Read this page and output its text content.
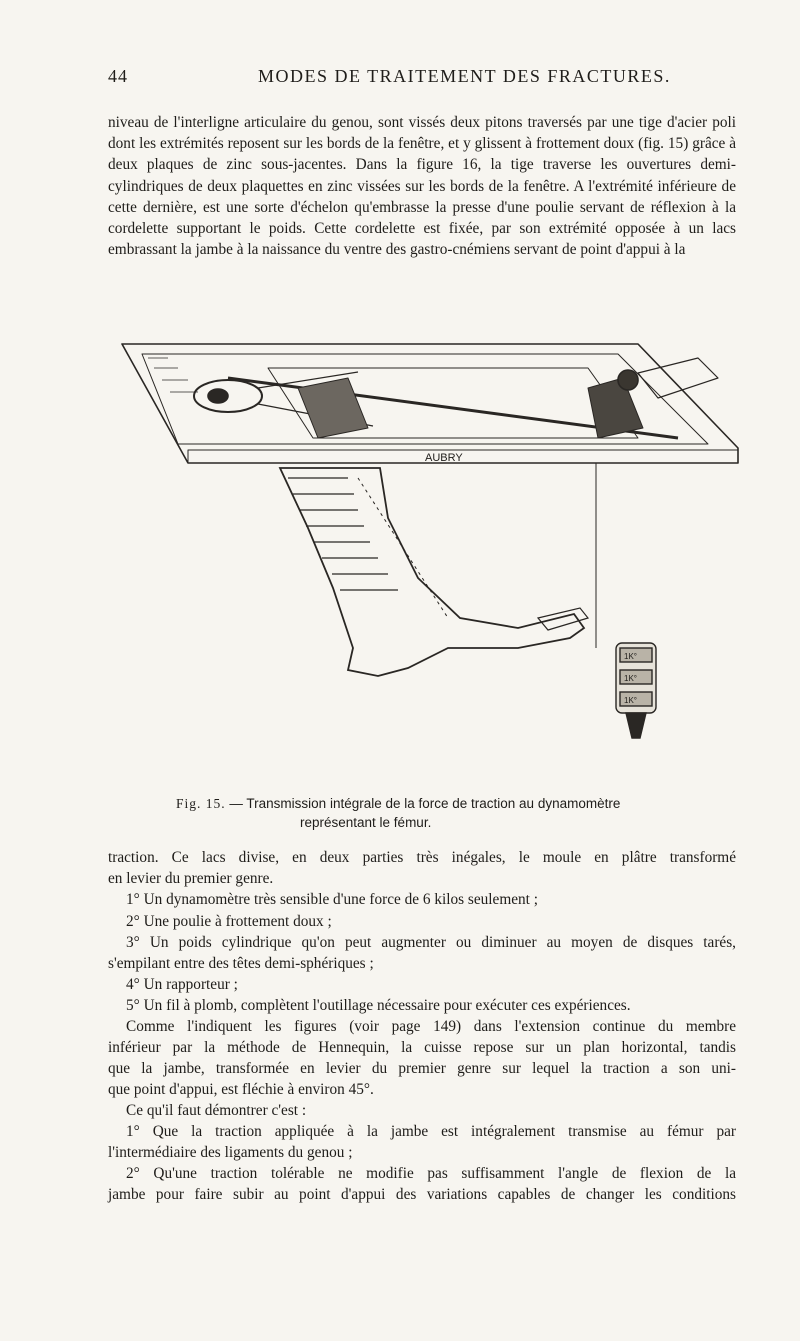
44	MODES DE TRAITEMENT DES FRACTURES.

niveau de l'interligne articulaire du genou, sont vissés deux pitons traversés par une tige d'acier poli dont les extrémités reposent sur les bords de la fenêtre, et y glissent à frottement doux (fig. 15) grâce à deux plaques de zinc sous-jacentes. Dans la figure 16, la tige traverse les ouvertures demi-cylindriques de deux plaquettes en zinc vissées sur les bords de la fenêtre. A l'extrémité inférieure de cette dernière, est une sorte d'échelon qu'embrasse la presse d'une poulie servant de réflexion à la cordelette supportant le poids. Cette cordelette est fixée, par son extrémité opposée à un lacs embrassant la jambe à la naissance du ventre des gastro-cnémiens servant de point d'appui à la

AUBRY
1K°
1K°
1K°
Fig. 15. — Transmission intégrale de la force de traction au dynamomètre
représentant le fémur.

traction. Ce lacs divise, en deux parties très inégales, le moule en plâtre transformé

en levier du premier genre.

1° Un dynamomètre très sensible d'une force de 6 kilos seulement ;

2° Une poulie à frottement doux ;

3° Un poids cylindrique qu'on peut augmenter ou diminuer au moyen de disques tarés,

s'empilant entre des têtes demi-sphériques ;

4° Un rapporteur ;

5° Un fil à plomb, complètent l'outillage nécessaire pour exécuter ces expériences.

Comme l'indiquent les figures (voir page 149) dans l'extension continue du membre

inférieur par la méthode de Hennequin, la cuisse repose sur un plan horizontal, tandis

que la jambe, transformée en levier du premier genre sur lequel la traction a son uni-

que point d'appui, est fléchie à environ 45°.

Ce qu'il faut démontrer c'est :

1° Que la traction appliquée à la jambe est intégralement transmise au fémur par

l'intermédiaire des ligaments du genou ;

2° Qu'une traction tolérable ne modifie pas suffisamment l'angle de flexion de la

jambe pour faire subir au point d'appui des variations capables de changer les conditions
